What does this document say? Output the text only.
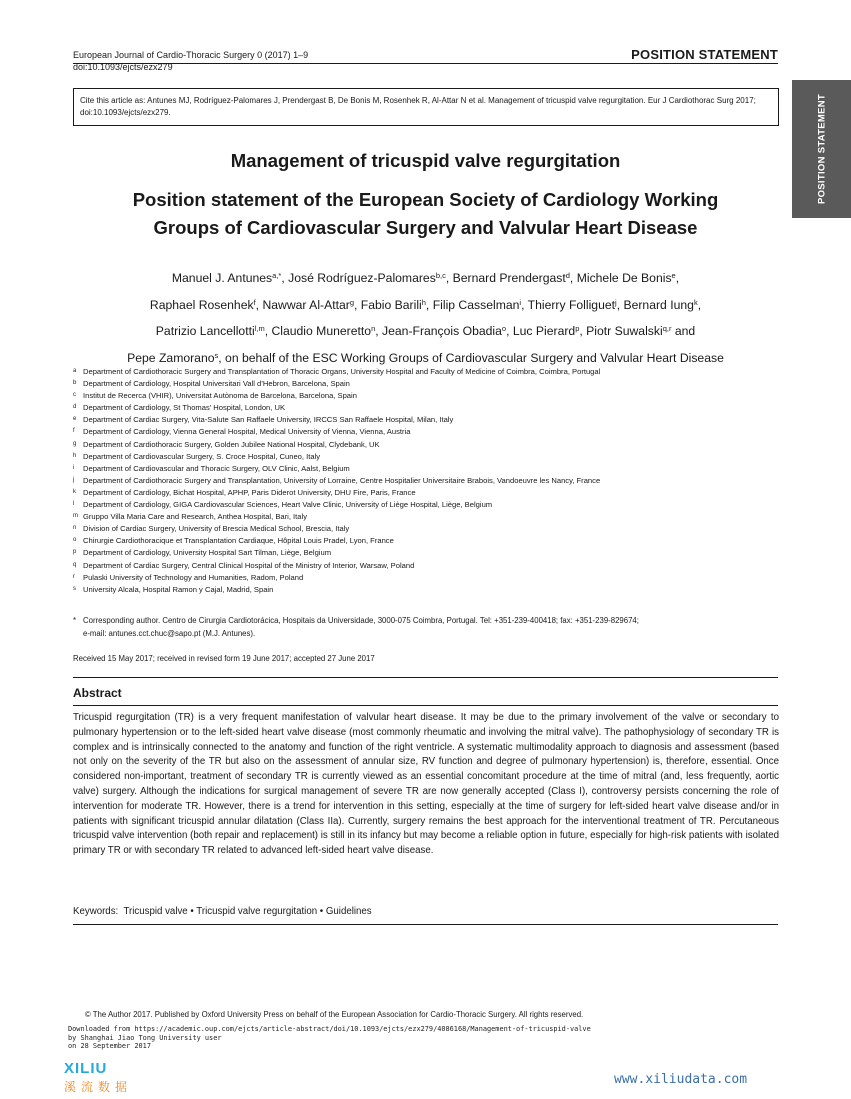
European Journal of Cardio-Thoracic Surgery 0 (2017) 1–9
doi:10.1093/ejcts/ezx279
POSITION STATEMENT
POSITION STATEMENT
Cite this article as: Antunes MJ, Rodríguez-Palomares J, Prendergast B, De Bonis M, Rosenhek R, Al-Attar N et al. Management of tricuspid valve regurgitation. Eur J Cardiothorac Surg 2017; doi:10.1093/ejcts/ezx279.
Management of tricuspid valve regurgitation
Position statement of the European Society of Cardiology Working
Groups of Cardiovascular Surgery and Valvular Heart Disease
Manuel J. Antunes$^{a,*}$, José Rodríguez-Palomares$^{b,c}$, Bernard Prendergast$^d$, Michele De Bonis$^e$,
Raphael Rosenhek$^f$, Nawwar Al-Attar$^g$, Fabio Barili$^h$, Filip Casselman$^i$, Thierry Folliguet$^j$, Bernard Iung$^k$,
Patrizio Lancellotti$^{l,m}$, Claudio Muneretto$^n$, Jean-François Obadia$^o$, Luc Pierard$^p$, Piotr Suwalski$^{q,r}$ and
Pepe Zamorano$^s$, on behalf of the ESC Working Groups of Cardiovascular Surgery and Valvular Heart Disease
a Department of Cardiothoracic Surgery and Transplantation of Thoracic Organs, University Hospital and Faculty of Medicine of Coimbra, Coimbra, Portugal
b Department of Cardiology, Hospital Universitari Vall d’Hebron, Barcelona, Spain
c Institut de Recerca (VHIR), Universitat Autònoma de Barcelona, Barcelona, Spain
d Department of Cardiology, St Thomas’ Hospital, London, UK
e Department of Cardiac Surgery, Vita-Salute San Raffaele University, IRCCS San Raffaele Hospital, Milan, Italy
f	Department of Cardiology, Vienna General Hospital, Medical University of Vienna, Vienna, Austria
g Department of Cardiothoracic Surgery, Golden Jubilee National Hospital, Clydebank, UK
h Department of Cardiovascular Surgery, S. Croce Hospital, Cuneo, Italy
i	Department of Cardiovascular and Thoracic Surgery, OLV Clinic, Aalst, Belgium
j	Department of Cardiothoracic Surgery and Transplantation, University of Lorraine, Centre Hospitalier Universitaire Brabois, Vandoeuvre les Nancy, France
k Department of Cardiology, Bichat Hospital, APHP, Paris Diderot University, DHU Fire, Paris, France
l	Department of Cardiology, GIGA Cardiovascular Sciences, Heart Valve Clinic, University of Liège Hospital, Liège, Belgium
m Gruppo Villa Maria Care and Research, Anthea Hospital, Bari, Italy
n Division of Cardiac Surgery, University of Brescia Medical School, Brescia, Italy
o Chirurgie Cardiothoracique et Transplantation Cardiaque, Hôpital Louis Pradel, Lyon, France
p Department of Cardiology, University Hospital Sart Tilman, Liège, Belgium
q Department of Cardiac Surgery, Central Clinical Hospital of the Ministry of Interior, Warsaw, Poland
r	Pulaski University of Technology and Humanities, Radom, Poland
s University Alcala, Hospital Ramon y Cajal, Madrid, Spain
* Corresponding author. Centro de Cirurgia Cardiotorácica, Hospitais da Universidade, 3000-075 Coimbra, Portugal. Tel: +351-239-400418; fax: +351-239-829674;
e-mail: antunes.cct.chuc@sapo.pt (M.J. Antunes).
Received 15 May 2017; received in revised form 19 June 2017; accepted 27 June 2017
Abstract
Tricuspid regurgitation (TR) is a very frequent manifestation of valvular heart disease. It may be due to the primary involvement of the valve or secondary to pulmonary hypertension or to the left-sided heart valve disease (most commonly rheumatic and involving the mitral valve). The pathophysiology of secondary TR is complex and is intrinsically connected to the anatomy and function of the right ventricle. A systematic multimodality approach to diagnosis and assessment (based not only on the severity of the TR but also on the assessment of annular size, RV function and degree of pulmonary hypertension) is, therefore, essential. Once considered non-important, treatment of secondary TR is currently viewed as an essential concomitant procedure at the time of mitral (and, less frequently, aortic valve) surgery. Although the indications for surgical management of severe TR are now generally accepted (Class I), controversy persists concerning the role of intervention for moderate TR. However, there is a trend for intervention in this setting, especially at the time of surgery for left-sided heart valve disease and/or in patients with significant tricuspid annular dilatation (Class IIa). Currently, surgery remains the best approach for the interventional treatment of TR. Percutaneous tricuspid valve intervention (both repair and replacement) is still in its infancy but may become a reliable option in future, especially for high-risk patients with isolated primary TR or with secondary TR related to advanced left-sided heart valve disease.
Keywords: Tricuspid valve • Tricuspid valve regurgitation • Guidelines
© The Author 2017. Published by Oxford University Press on behalf of the European Association for Cardio-Thoracic Surgery. All rights reserved.
Downloaded from https://academic.oup.com/ejcts/article-abstract/doi/10.1093/ejcts/ezx279/4086168/Management-of-tricuspid-valve
by Shanghai Jiao Tong University user
on 28 September 2017
XILIU
溪流数据	www.xiliudata.com
